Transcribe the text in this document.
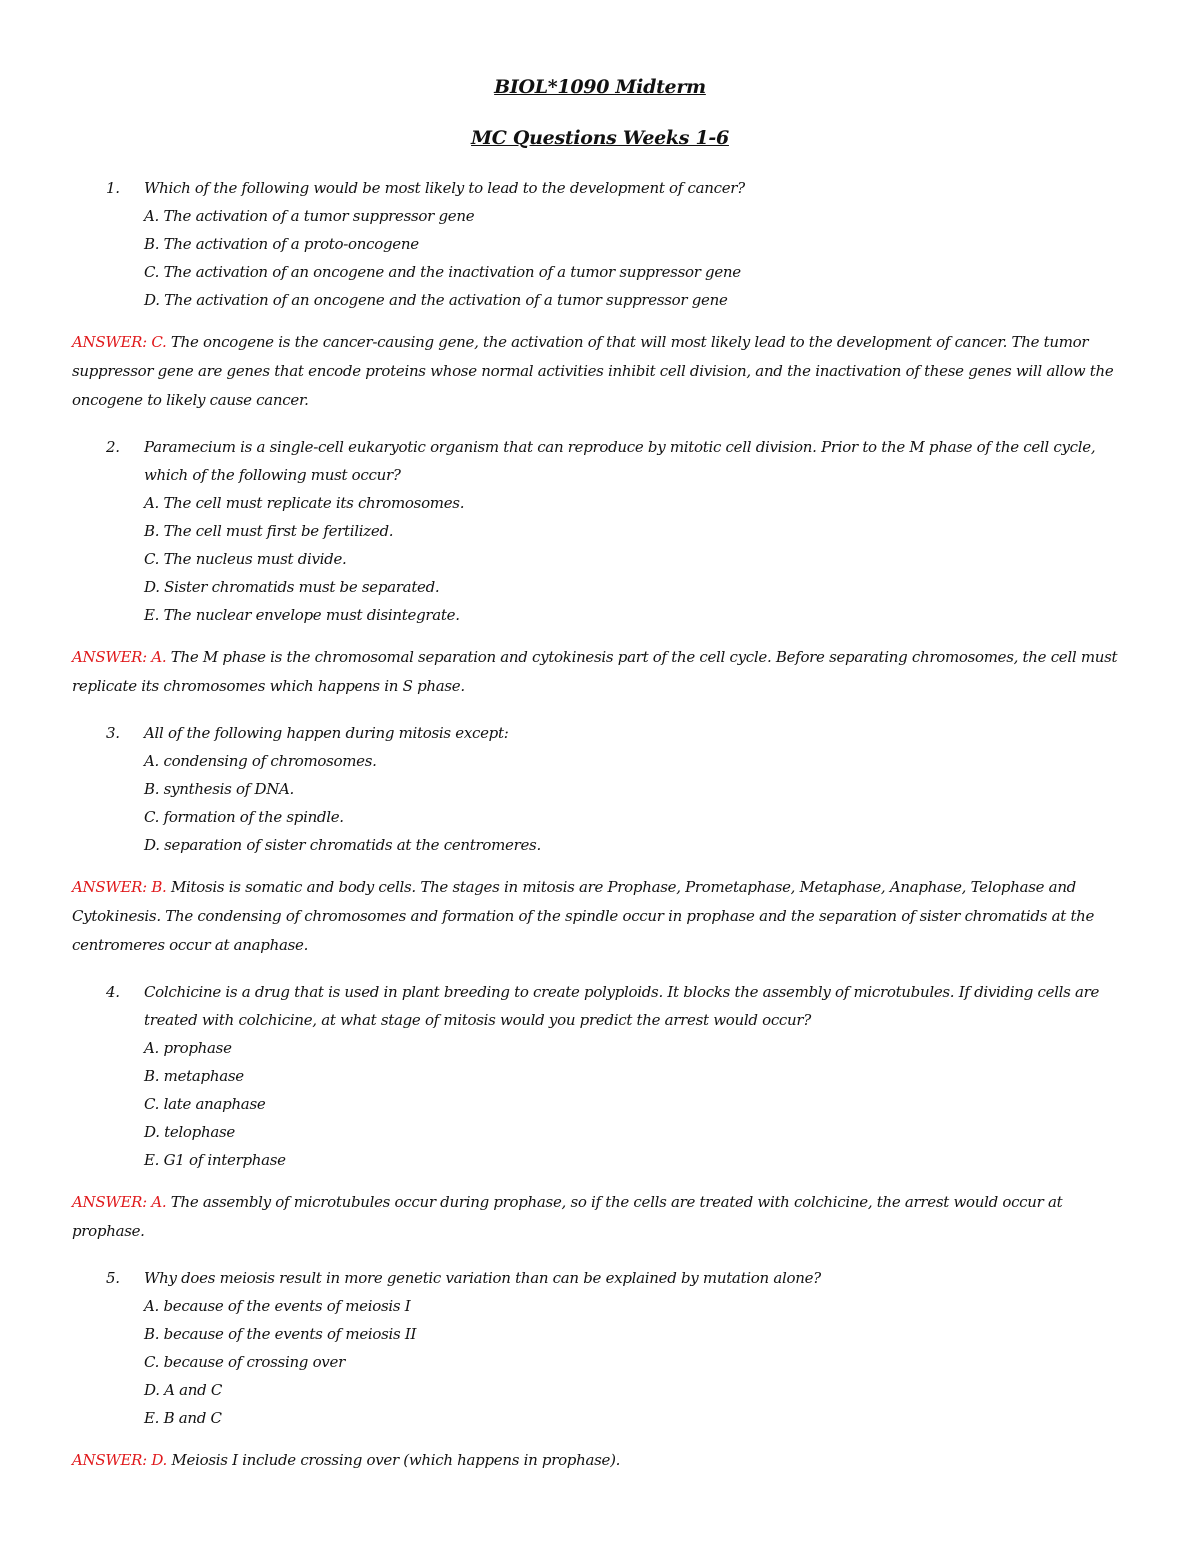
BIOL*1090 Midterm
MC Questions Weeks 1-6
1. Which of the following would be most likely to lead to the development of cancer?
A. The activation of a tumor suppressor gene
B. The activation of a proto-oncogene
C. The activation of an oncogene and the inactivation of a tumor suppressor gene
D. The activation of an oncogene and the activation of a tumor suppressor gene
ANSWER: C. The oncogene is the cancer-causing gene, the activation of that will most likely lead to the development of cancer. The tumor suppressor gene are genes that encode proteins whose normal activities inhibit cell division, and the inactivation of these genes will allow the oncogene to likely cause cancer.
2. Paramecium is a single-cell eukaryotic organism that can reproduce by mitotic cell division. Prior to the M phase of the cell cycle, which of the following must occur?
A. The cell must replicate its chromosomes.
B. The cell must first be fertilized.
C. The nucleus must divide.
D. Sister chromatids must be separated.
E. The nuclear envelope must disintegrate.
ANSWER: A. The M phase is the chromosomal separation and cytokinesis part of the cell cycle. Before separating chromosomes, the cell must replicate its chromosomes which happens in S phase.
3. All of the following happen during mitosis except:
A. condensing of chromosomes.
B. synthesis of DNA.
C. formation of the spindle.
D. separation of sister chromatids at the centromeres.
ANSWER: B. Mitosis is somatic and body cells. The stages in mitosis are Prophase, Prometaphase, Metaphase, Anaphase, Telophase and Cytokinesis. The condensing of chromosomes and formation of the spindle occur in prophase and the separation of sister chromatids at the centromeres occur at anaphase.
4. Colchicine is a drug that is used in plant breeding to create polyploids. It blocks the assembly of microtubules. If dividing cells are treated with colchicine, at what stage of mitosis would you predict the arrest would occur?
A. prophase
B. metaphase
C. late anaphase
D. telophase
E. G1 of interphase
ANSWER: A. The assembly of microtubules occur during prophase, so if the cells are treated with colchicine, the arrest would occur at prophase.
5. Why does meiosis result in more genetic variation than can be explained by mutation alone?
A. because of the events of meiosis I
B. because of the events of meiosis II
C. because of crossing over
D. A and C
E. B and C
ANSWER: D. Meiosis I include crossing over (which happens in prophase).
